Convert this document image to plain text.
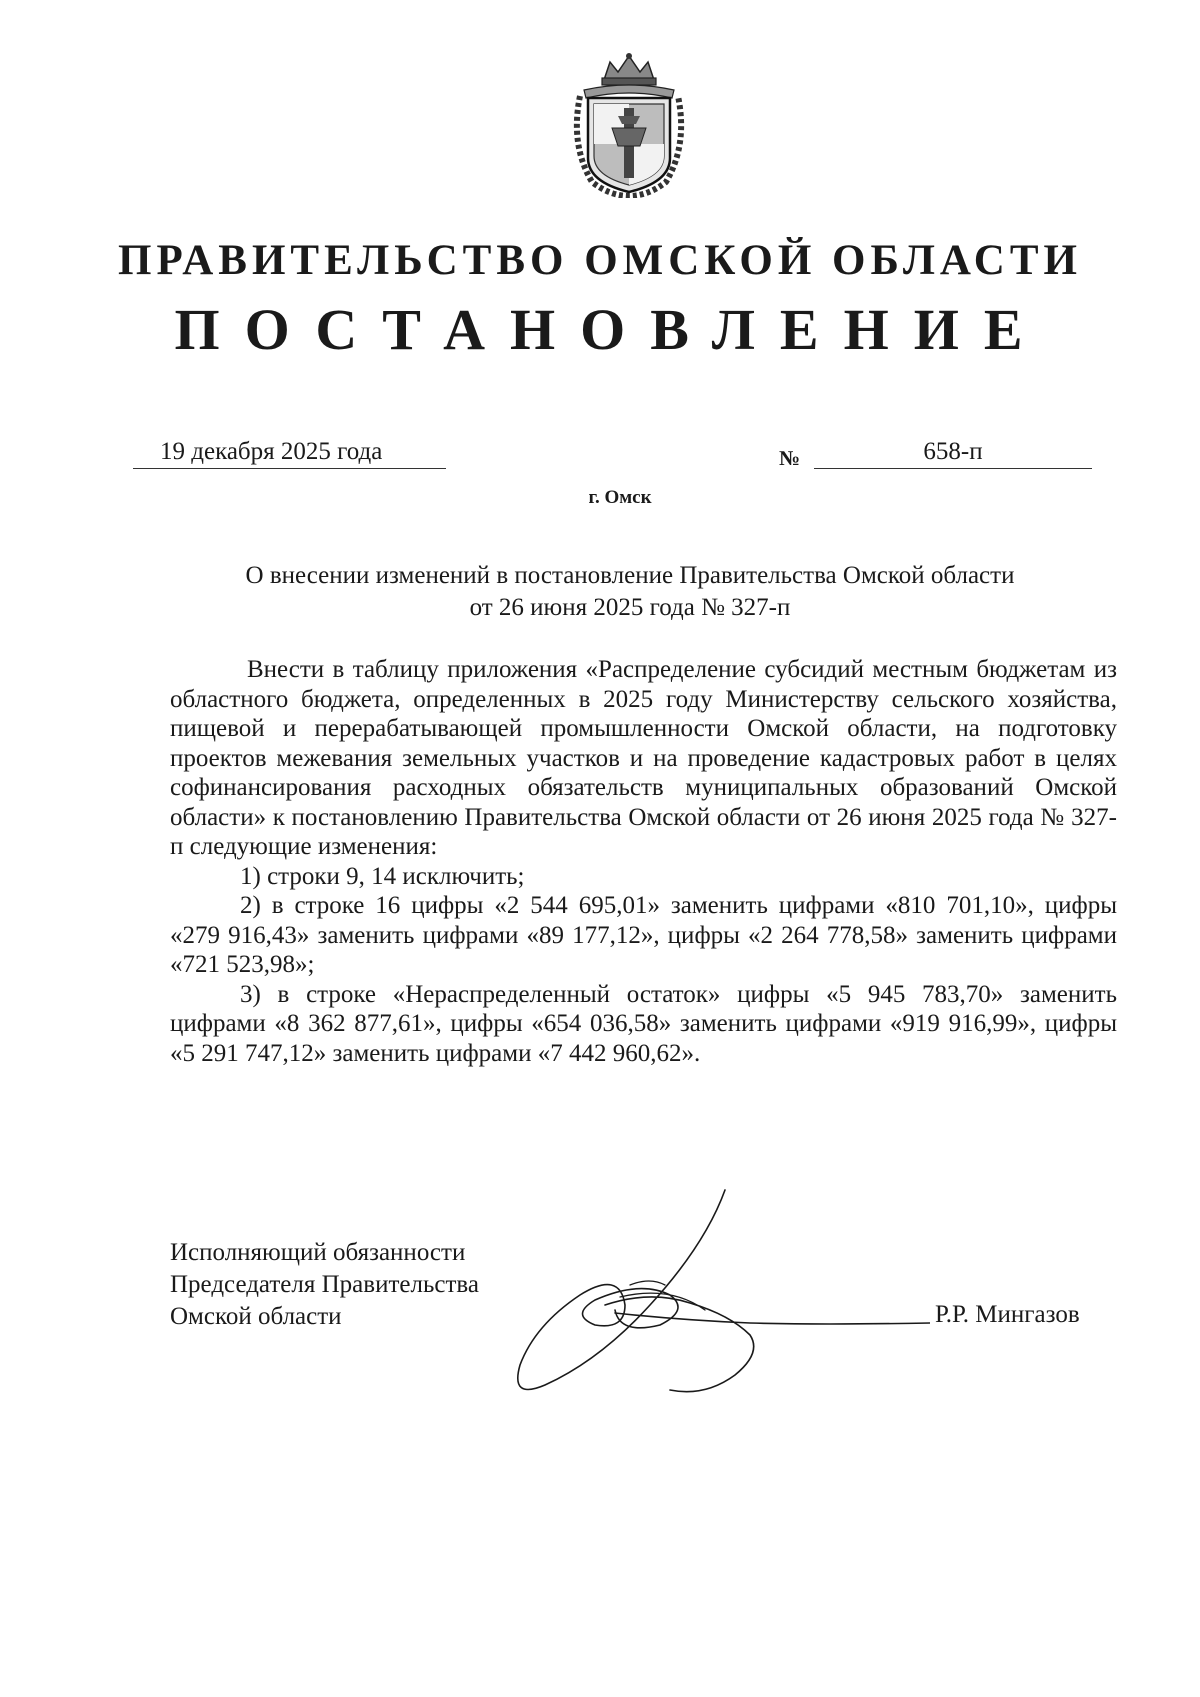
ПРАВИТЕЛЬСТВО ОМСКОЙ ОБЛАСТИ
ПОСТАНОВЛЕНИЕ
19 декабря 2025 года	№	658-п
г. Омск
О внесении изменений в постановление Правительства Омской области
от 26 июня 2025 года № 327-п

Внести в таблицу приложения «Распределение субсидий местным бюджетам из областного бюджета, определенных в 2025 году Министерству сельского хозяйства, пищевой и перерабатывающей промышленности Омской области, на подготовку проектов межевания земельных участков и на проведение кадастровых работ в целях софинансирования расходных обязательств муниципальных образований Омской области» к постановлению Правительства Омской области от 26 июня 2025 года № 327-п следующие изменения:

1) строки 9, 14 исключить;

2) в строке 16 цифры «2 544 695,01» заменить цифрами «810 701,10», цифры «279 916,43» заменить цифрами «89 177,12», цифры «2 264 778,58» заменить цифрами «721 523,98»;

3) в строке «Нераспределенный остаток» цифры «5 945 783,70» заменить цифрами «8 362 877,61», цифры «654 036,58» заменить цифрами «919 916,99», цифры «5 291 747,12» заменить цифрами «7 442 960,62».

Исполняющий обязанности
Председателя Правительства
Омской области	Р.Р. Мингазов
